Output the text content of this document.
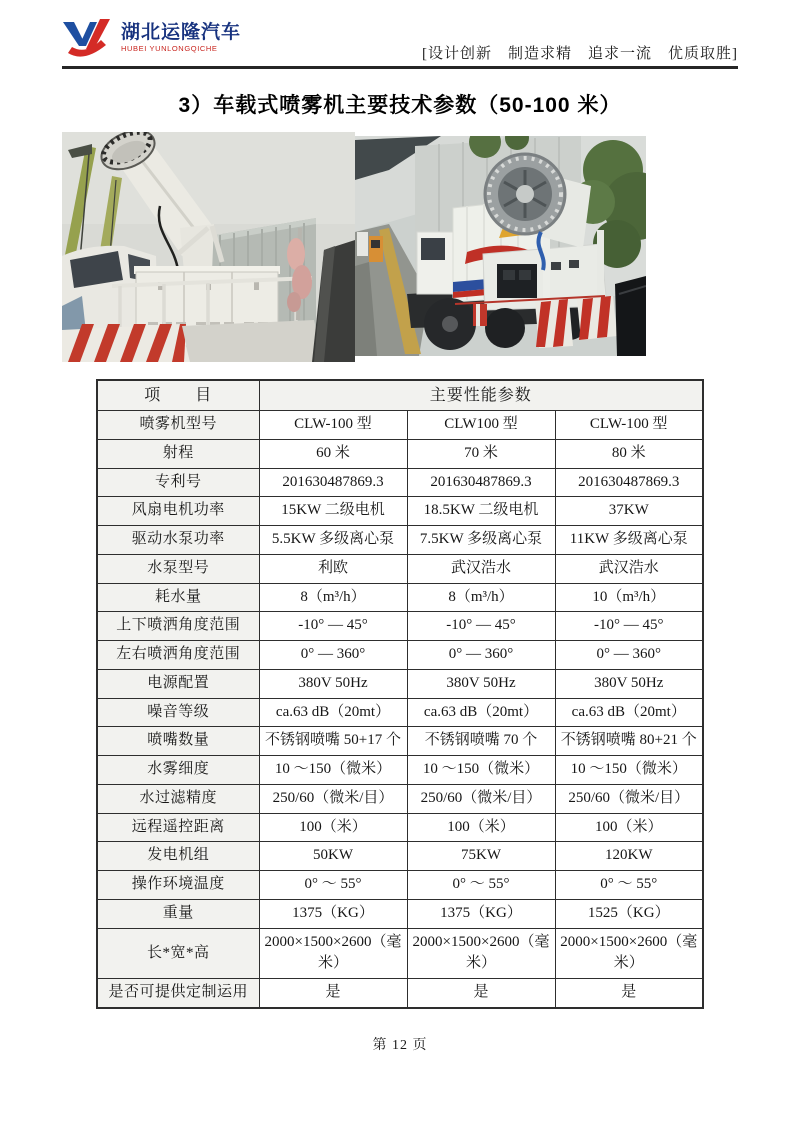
湖北运隆汽车
HUBEI YUNLONGQICHE	[设计创新　制造求精　追求一流　优质取胜]
3）车载式喷雾机主要技术参数（50-100 米）
项　　目	主要性能参数		
喷雾机型号	CLW-100 型	CLW100 型	CLW-100 型
射程	60 米	70 米	80 米
专利号	201630487869.3	201630487869.3	201630487869.3
风扇电机功率	15KW 二级电机	18.5KW 二级电机	37KW
驱动水泵功率	5.5KW 多级离心泵	7.5KW 多级离心泵	11KW 多级离心泵
水泵型号	利欧	武汉浩水	武汉浩水
耗水量	8（m³/h）	8（m³/h）	10（m³/h）
上下喷洒角度范围	-10° — 45°	-10° — 45°	-10° — 45°
左右喷洒角度范围	0° — 360°	0° — 360°	0° — 360°
电源配置	380V 50Hz	380V 50Hz	380V 50Hz
噪音等级	ca.63 dB（20mt）	ca.63 dB（20mt）	ca.63 dB（20mt）
喷嘴数量	不锈钢喷嘴 50+17 个	不锈钢喷嘴 70 个	不锈钢喷嘴 80+21 个
水雾细度	10 ～150（微米）	10 ～150（微米）	10 ～150（微米）
水过滤精度	250/60（微米/目）	250/60（微米/目）	250/60（微米/目）
远程遥控距离	100（米）	100（米）	100（米）
发电机组	50KW	75KW	120KW
操作环境温度	0° ～ 55°	0° ～ 55°	0° ～ 55°
重量	1375（KG）	1375（KG）	1525（KG）
长*宽*高	2000×1500×2600（毫米）	2000×1500×2600（毫米）	2000×1500×2600（毫米）
是否可提供定制运用	是	是	是
第 12 页
